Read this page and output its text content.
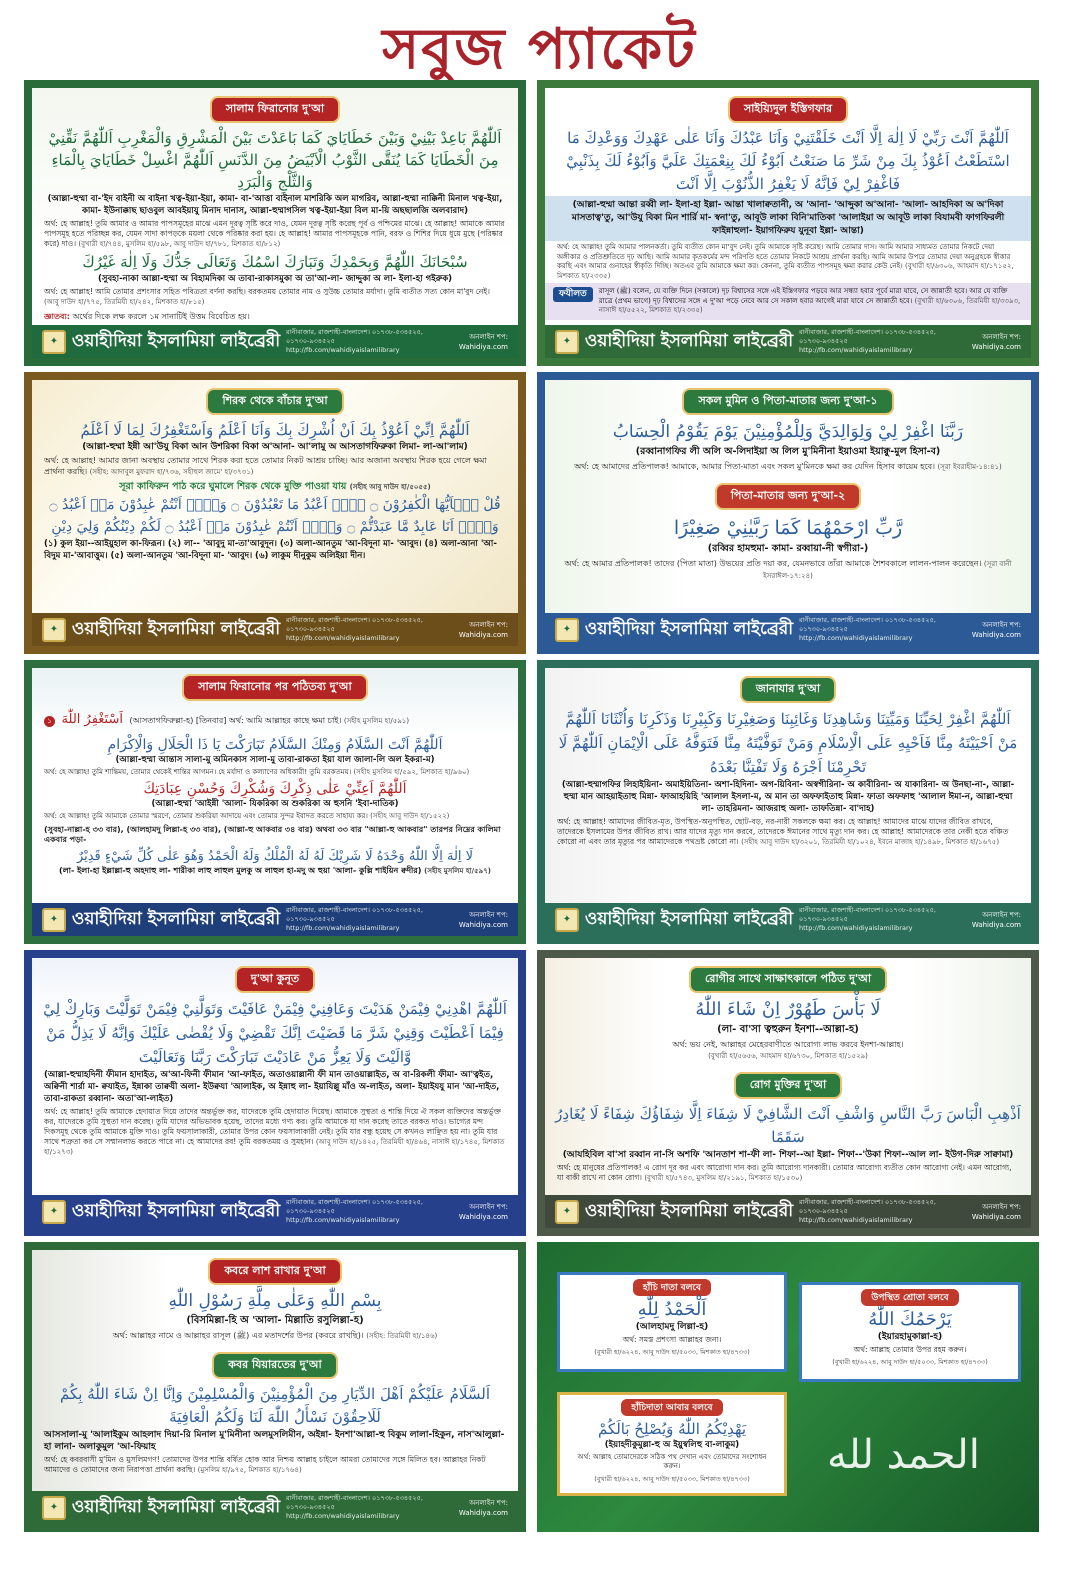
সবুজ প্যাকেট
সালাম ফিরানোর দু'আ
اَللّٰهُمَّ بَاعِدْ بَيْنِيْ وَبَيْنَ خَطَايَايَ كَمَا بَاعَدْتَ بَيْنَ الْمَشْرِقِ وَالْمَغْرِبِ اَللّٰهُمَّ نَقِّنِيْ مِنَ الْخَطَايَا كَمَا يُنَقَّى الثَّوْبُ الْاَبْيَضُ مِنَ الدَّنَسِ اَللّٰهُمَّ اغْسِلْ خَطَايَايَ بِالْمَاءِ وَالثَّلْجِ وَالْبَرَدِ
(আল্লা-হুম্মা বা-'ইদ বাইনী অ বাইনা খত্ব-ইয়া-ইয়া, কামা- বা-'আত্তা বাইনাল মাশরিকি অল মাগরিব, আল্লা-হুম্মা নাক্কিনী মিনাল খত্ব-ইয়া, কামা- ইউনাক্কাছ ছাওবুল আবইয়াযু মিনাদ দানাস, আল্লা-হুম্মাগসিল খত্ব-ইয়া-ইয়া বিল মা-য়ি অছছালজি অলবারাদ)
অর্থ: হে আল্লাহ! তুমি আমার ও আমার পাপসমূহের মাঝে এমন দূরত্ব সৃষ্টি করে দাও, যেমন দূরত্ব সৃষ্টি করেছ পূর্ব ও পশ্চিমের মাঝে। হে আল্লাহ! আমাকে আমার পাপসমূহ হতে পরিচ্ছন্ন কর, যেমন সাদা কাপড়কে ময়লা থেকে পরিষ্কার করা হয়। হে আল্লাহ! আমার পাপসমূহকে পানি, বরফ ও শিশির দিয়ে ধুয়ে মুছে (পরিষ্কার করে) দাও। (বুখারী হা/৭৪৪, মুসলিম হা/৫৯৮, আবু দাউদ হা/৭৮১, মিশকাত হা/৮১২)
سُبْحَانَكَ اللّٰهُمَّ وَبِحَمْدِكَ وَتَبَارَكَ اسْمُكَ وَتَعَالَى جَدُّكَ وَلَا اِلٰهَ غَيْرُكَ
(সুবহা-নাকা আল্লা-হুম্মা অ বিহামদিকা অ তাবা-রাকাসমুকা অ তা'আ-লা- জাদ্দুকা অ লা- ইলা-হা গইরুক)
অর্থ: হে আল্লাহ! আমি তোমার প্রশংসার সহিত পবিত্রতা বর্ণনা করছি। বরকতময় তোমার নাম ও সুউচ্চ তোমার মর্যাদা। তুমি ব্যতীত সত্য কোন মা'বুদ নেই। (আবু দাউদ হা/৭৭৫, তিরমিযী হা/২৪২, মিশকাত হা/৮১৫)
জ্ঞাতব্য: অর্থের দিকে লক্ষ করলে ১ম সানাটিই উত্তম বিবেচিত হয়।
✦ ওয়াহীদিয়া ইসলামিয়া লাইব্রেরী রানীবাজার, রাজশাহী-বাংলাদেশ। ০১৭৩৮-৫৩৪৫২৫, ০১৭৩০-৯৩৪৫২৫
http://fb.com/wahidiyaislamilibrary
অনলাইন শপ:
Wahidiya.com
সাইয়্যিদুল ইস্তিগফার
اَللّٰهُمَّ اَنْتَ رَبِّيْ لَا اِلٰهَ اِلَّا اَنْتَ خَلَقْتَنِيْ وَاَنَا عَبْدُكَ وَاَنَا عَلٰى عَهْدِكَ وَوَعْدِكَ مَا اسْتَطَعْتُ اَعُوْذُ بِكَ مِنْ شَرِّ مَا صَنَعْتُ اَبُوْءُ لَكَ بِنِعْمَتِكَ عَلَيَّ وَاَبُوْءُ لَكَ بِذَنْبِيْ فَاغْفِرْ لِيْ فَاِنَّهُ لَا يَغْفِرُ الذُّنُوْبَ اِلَّا اَنْتَ
(আল্লা-হুম্মা আন্তা রব্বী লা- ইলা-হা ইল্লা- আন্তা খালাক্বতানী, অ 'আনা- 'আব্দুকা অ'আনা- 'আলা- আহদিকা অ অ'দিকা মাসতাত্ব'তু, আ'উযু বিকা মিন শার্রি মা- স্বনা'তু, আবূউ লাকা বিনি'মাতিকা 'আলাইয়া অ আবূউ লাকা বিযামবী ফাগফিরলী ফাইন্নাহুলা- ইয়াগফিরুয যুনূবা ইল্লা- আন্তা)
অর্থ: হে আল্লাহ! তুমি আমার পালনকর্তা। তুমি ব্যতীত কোন মা'বুদ নেই। তুমি আমাকে সৃষ্টি করেছ। আমি তোমার দাস। আমি আমার সাধ্যমত তোমার নিকটে দেয়া অঙ্গীকার ও প্রতিশ্রুতিতে দৃঢ় আছি। আমি আমার কৃতকর্মের মন্দ পরিণতি হতে তোমার নিকটে আশ্রয় প্রার্থনা করছি। আমি আমার উপরে তোমার দেয়া অনুগ্রহকে স্বীকার করছি এবং আমার গুনাহের স্বীকৃতি দিচ্ছি। অতএব তুমি আমাকে ক্ষমা কর। কেননা, তুমি ব্যতীত পাপসমূহ ক্ষমা করার কেউ নেই। (বুখারী হা/৬৩০৬, আহমাদ হা/১৭১৫২, মিশকাত হা/২৩৩৫)
ফযীলত	রাসূল (ﷺ) বলেন, যে ব্যক্তি দিনে (সকালে) দৃঢ় বিশ্বাসের সঙ্গে এই ইস্তিগফার পড়বে আর সন্ধ্যা হবার পূর্বে মারা যাবে, সে জান্নাতী হবে। আর যে ব্যক্তি রাত্রে (প্রথম ভাগে) দৃঢ় বিশ্বাসের সঙ্গে এ দু'আ পড়ে নেবে আর সে সকাল হবার আগেই মারা যাবে সে জান্নাতী হবে। (বুখারী হা/৬৩০৬, তিরমিযী হা/৩৩৯৩, নাসাঈ হা/৫৫২২, মিশকাত হা/২৩৩৫)
✦ ওয়াহীদিয়া ইসলামিয়া লাইব্রেরী রানীবাজার, রাজশাহী-বাংলাদেশ। ০১৭৩৮-৫৩৪৫২৫, ০১৭৩০-৯৩৪৫২৫
http://fb.com/wahidiyaislamilibrary
অনলাইন শপ:
Wahidiya.com
শিরক থেকে বাঁচার দু'আ
اَللّٰهُمَّ اِنِّيْ اَعُوْذُ بِكَ اَنْ اُشْرِكَ بِكَ وَاَنَا اَعْلَمُ وَاَسْتَغْفِرُكَ لِمَا لَا اَعْلَمُ
(আল্লা-হুম্মা ইন্নী আ'উযু বিকা আন উশরিকা বিকা অ'আনা- আ'লামু অ আসতাগফিরুকা লিমা- লা-আ'লাম)
অর্থ: হে আল্লাহ! আমার জানা অবস্থায় তোমার সাথে শিরক করা হতে তোমার নিকট আশ্রয় চাচ্ছি। আর অজানা অবস্থায় শিরক হয়ে গেলে ক্ষমা প্রার্থনা করছি। (সহীহ: আদাবুল মুফরাদ হা/৭৩৬, সহীহুল জামে' হা/৩৭৩১)
সূরা কাফিরুন পাঠ করে ঘুমালে শিরক থেকে মুক্তি পাওয়া যায় (সহীহ আবু দাউদ হা/৫০৫৫)
قُلْ يٰۤاَيُّهَا الْكٰفِرُوْنَ ۝ لَاۤ اَعْبُدُ مَا تَعْبُدُوْنَ ۝ وَلَاۤ اَنْتُمْ عٰبِدُوْنَ مَاۤ اَعْبُدُ ۝ وَلَاۤ اَنَا عَابِدٌ مَّا عَبَدْتُّمْ ۝ وَلَاۤ اَنْتُمْ عٰبِدُوْنَ مَاۤ اَعْبُدُ ۝ لَكُمْ دِيْنُكُمْ وَلِيَ دِيْنِ
(১) কুল ইয়া--আইয়ুহাল কা-ফিরূন। (২) লা-- 'আবুদু মা-তা'আবুদূন। (৩) অলা-আনতুম 'আ-বিদূনা মা- 'আবুদ। (৪) অলা-আনা 'আ-বিদুম মা-'আবাত্তুম। (৫) অলা-আনতুম 'আ-বিদূনা মা- 'আবুদ। (৬) লাকুম দীনুকুম অলিইয়া দীন।
✦ ওয়াহীদিয়া ইসলামিয়া লাইব্রেরী রানীবাজার, রাজশাহী-বাংলাদেশ। ০১৭৩৮-৫৩৪৫২৫, ০১৭৩০-৯৩৪৫২৫
http://fb.com/wahidiyaislamilibrary
অনলাইন শপ:
Wahidiya.com
সকল মুমিন ও পিতা-মাতার জন্য দু'আ-১
رَبَّنَا اغْفِرْ لِيْ وَلِوَالِدَيَّ وَلِلْمُؤْمِنِيْنَ يَوْمَ يَقُوْمُ الْحِسَابُ
(রব্বানাগফির লী অলি অ-লিদাইয়া অ লিল মু'মিনীনা ইয়াওমা ইয়াক্বু-মুল হিসা-ব)
অর্থ: হে আমাদের প্রতিপালক! আমাকে, আমার পিতা-মাতা এবং সকল মু'মিনকে ক্ষমা কর যেদিন হিসাব কায়েম হবে। (সূরা ইবরাহীম-১৪:৪১)
পিতা-মাতার জন্য দু'আ-২
رَّبِّ ارْحَمْهُمَا كَمَا رَبَّيٰنِيْ صَغِيْرًا
(রব্বির হামহুমা- কামা- রব্বায়া-নী স্বগীরা-)
অর্থ: হে আমার প্রতিপালক! তাদের (পিতা মাতা) উভয়ের প্রতি দয়া কর, যেমনভাবে তাঁরা আমাকে শৈশবকালে লালন-পালন করেছেন। (সূরা বানী ইসরাঈল-১৭:২৪)
✦ ওয়াহীদিয়া ইসলামিয়া লাইব্রেরী রানীবাজার, রাজশাহী-বাংলাদেশ। ০১৭৩৮-৫৩৪৫২৫, ০১৭৩০-৯৩৪৫২৫
http://fb.com/wahidiyaislamilibrary
অনলাইন শপ:
Wahidiya.com
সালাম ফিরানোর পর পঠিতব্য দু'আ
১ اَسْتَغْفِرُ اللّٰهَ (আসতাগফিরুল্লা-হ) [তিনবার] অর্থ: আমি আল্লাহর কাছে ক্ষমা চাই। (সহীহ মুসলিম হা/৫৯১)
اَللّٰهُمَّ اَنْتَ السَّلَامُ وَمِنْكَ السَّلَامُ تَبَارَكْتَ يَا ذَا الْجَلَالِ وَالْاِكْرَامِ
(আল্লা-হুম্মা আন্তাস সালা-মু অমিনকাস সালা-মু তাবা-রাকতা ইয়া যাল জালা-লি অল ইকরা-ম)
অর্থ: হে আল্লাহ! তুমি শান্তিময়, তোমার থেকেই শান্তির আগমন। হে মর্যাদা ও কল্যাণের অধিকারী! তুমি বরকতময়। (সহীহ মুসলিম হা/৫৯২, মিশকাত হা/৯৬০)
اَللّٰهُمَّ اَعِنِّيْ عَلٰى ذِكْرِكَ وَشُكْرِكَ وَحُسْنِ عِبَادَتِكَ
(আল্লা-হুম্মা 'আইন্নী 'আলা- যিকরিকা অ শুকরিকা অ হুসনি 'ইবা-দাতিক)
অর্থ: হে আল্লাহ! তুমি আমাকে তোমার স্মরণে, তোমার শুকরিয়া আদায়ে এবং তোমার সুন্দর ইবাদত করতে সাহায্য কর। (সহীহ আবু দাউদ হা/১৫২২)
(সুবহা-নাল্লা-হ ৩৩ বার), (আলহামদু লিল্লা-হ ৩৩ বার), (আল্লা-হু আকবার ৩৪ বার) অথবা ৩৩ বার "আল্লা-হু আকবার" তারপর নিম্নের কালিমা একবার পড়া-
لَا اِلٰهَ اِلَّا اللّٰهُ وَحْدَهُ لَا شَرِيْكَ لَهُ لَهُ الْمُلْكُ وَلَهُ الْحَمْدُ وَهُوَ عَلٰى كُلِّ شَيْءٍ قَدِيْرٌ
(লা- ইলা-হা ইল্লাল্লা-হু অহদাহু লা- শারীকা লাহু লাহুল মুলকু অ লাহুল হা-মদু অ হুয়া 'আলা- কুল্লি শাইয়িন ক্বদীর) (সহীহ মুসলিম হা/৫৯৭)
✦ ওয়াহীদিয়া ইসলামিয়া লাইব্রেরী রানীবাজার, রাজশাহী-বাংলাদেশ। ০১৭৩৮-৫৩৪৫২৫, ০১৭৩০-৯৩৪৫২৫
http://fb.com/wahidiyaislamilibrary
অনলাইন শপ:
Wahidiya.com
জানাযার দু'আ
اَللّٰهُمَّ اغْفِرْ لِحَيِّنَا وَمَيِّتِنَا وَشَاهِدِنَا وَغَائِبِنَا وَصَغِيْرِنَا وَكَبِيْرِنَا وَذَكَرِنَا وَاُنْثَانَا اَللّٰهُمَّ مَنْ اَحْيَيْتَهُ مِنَّا فَاَحْيِهِ عَلَى الْاِسْلَامِ وَمَنْ تَوَفَّيْتَهُ مِنَّا فَتَوَفَّهُ عَلَى الْاِيْمَانِ اَللّٰهُمَّ لَا تَحْرِمْنَا اَجْرَهُ وَلَا تَفْتِنَّا بَعْدَهُ
(আল্লা-হুম্মাগফির লিহাইয়িনা- অমাইয়িতিনা- অশা-হিদিনা- অগ-য়িবিনা- অস্বগীরিনা- অ কাবীরিনা- অ যাকারিনা- অ উনছা-না-, আল্লা-হুম্মা মান আহয়াইতাহু মিন্না- ফাআহয়িহি 'আলাল ইসলা-ম, অ মান তা অফফাইতাহু মিন্না- ফাতা অফফাহু 'আলাল ঈমা-ন, আল্লা-হুম্মা লা- তাহরিমনা- আজরাহু অলা- তাফতিন্না- বা'দাহ)
অর্থ: হে আল্লাহ! আমাদের জীবিত-মৃত, উপস্থিত-অনুপস্থিত, ছোট-বড়, নর-নারী সকলকে ক্ষমা কর। হে আল্লাহ! আমাদের মাঝে যাদের জীবিত রাখবে, তাদেরকে ইসলামের উপর জীবিত রাখ। আর যাদের মৃত্যু দান করবে, তাদেরকে ঈমানের সাথে মৃত্যু দান কর। হে আল্লাহ! আমাদেরকে তার নেকী হতে বঞ্চিত কোরো না এবং তার মৃত্যুর পর আমাদেরকে পথভ্রষ্ট কোরো না। (সহীহ আবু দাউদ হা/৩২০১, তিরমিযী হা/১০২৪, ইবনে মাজাহ হা/১৪৯৮, মিশকাত হা/১৬৭৫)
✦ ওয়াহীদিয়া ইসলামিয়া লাইব্রেরী রানীবাজার, রাজশাহী-বাংলাদেশ। ০১৭৩৮-৫৩৪৫২৫, ০১৭৩০-৯৩৪৫২৫
http://fb.com/wahidiyaislamilibrary
অনলাইন শপ:
Wahidiya.com
দু'আ কুনূত
اَللّٰهُمَّ اهْدِنِيْ فِيْمَنْ هَدَيْتَ وَعَافِنِيْ فِيْمَنْ عَافَيْتَ وَتَوَلَّنِيْ فِيْمَنْ تَوَلَّيْتَ وَبَارِكْ لِيْ فِيْمَا اَعْطَيْتَ وَقِنِيْ شَرَّ مَا قَضَيْتَ اِنَّكَ تَقْضِيْ وَلَا يُقْضٰى عَلَيْكَ وَاِنَّهُ لَا يَذِلُّ مَنْ وَّالَيْتَ وَلَا يَعِزُّ مَنْ عَادَيْتَ تَبَارَكْتَ رَبَّنَا وَتَعَالَيْتَ
(আল্লা-হুম্মাহদিনী ফীমান হাদাইত, অ'আ-ফিনী ফীমান 'আ-ফাইত, অতাওয়াল্লানী ফী মান তাওয়াল্লাইত, অ বা-রিকলী ফীমা- আ'ত্বইত, অক্বিনী শার্রা মা- ক্বযাইত, ইন্নাকা তাক্বযী অলা- ইউক্বযা 'আলাইক, অ ইন্নাহু লা- ইয়াযিল্লু মাঁও অ-লাইত, অলা- ইয়াইযযু মান 'আ-দাইত, তাবা-রাকতা রব্বানা- অতা'আ-লাইত)
অর্থ: হে আল্লাহ! তুমি আমাকে হেদায়াত দিয়ে তাদের অন্তর্ভুক্ত কর, যাদেরকে তুমি হেদায়াত দিয়েছ। আমাকে সুস্থতা ও শান্তি দিয়ে ঐ সকল ব্যক্তিদের অন্তর্ভুক্ত কর, যাদেরকে তুমি সুস্থতা দান করেছ। তুমি যাদের অভিভাবক হয়েছ, তাদের মধ্যে গণ্য কর। তুমি আমাকে যা দান করেছ তাতে বরকত দাও। ভাগ্যের মন্দ দিকসমূহ থেকে তুমি আমাকে মুক্তি দাও। তুমি ফয়সালাকারী, তোমার উপর কোন ফয়সালাকারী নেই। তুমি যার বন্ধু হয়েছ সে কখনও লাঞ্ছিত হয় না। তুমি যার সাথে শত্রুতা কর সে সম্মানলাভ করতে পারে না। হে আমাদের রব! তুমি বরকতময় ও সুমহান। (আবু দাউদ হা/১৪২৫, তিরমিযী হা/৪৬৪, নাসাঈ হা/১৭৪৫, মিশকাত হা/১২৭৩)
✦ ওয়াহীদিয়া ইসলামিয়া লাইব্রেরী রানীবাজার, রাজশাহী-বাংলাদেশ। ০১৭৩৮-৫৩৪৫২৫, ০১৭৩০-৯৩৪৫২৫
http://fb.com/wahidiyaislamilibrary
অনলাইন শপ:
Wahidiya.com
রোগীর সাথে সাক্ষাৎকালে পঠিত দু'আ
لَا بَأْسَ طَهُوْرٌ اِنْ شَاءَ اللّٰهُ
(লা- বা'সা ত্বহুরুন ইনশা--আল্লা-হ)
অর্থ: ভয় নেই, আল্লাহর মেহেরবাণীতে আরোগ্য লাভ করবে ইনশা-আল্লাহ।
(বুখারী হা/৫৬৫৬, আহমাদ হা/৬৭৩০, মিশকাত হা/১৫২৯)
রোগ মুক্তির দু'আ
اَذْهِبِ الْبَاسَ رَبَّ النَّاسِ وَاشْفِ اَنْتَ الشَّافِيْ لَا شِفَاءَ اِلَّا شِفَاؤُكَ شِفَاءً لَا يُغَادِرُ سَقَمًا
(আযহিবিল বা'সা রব্বান না-সি অশফি 'আনতাশ শা-ফী লা- শিফা--আ ইল্লা- শিফা--'উকা শিফা--আল লা- ইউগ-দিরু সাক্বামা)
অর্থ: হে মানুষের প্রতিপালক! এ রোগ দূর কর এবং আরোগ্য দান কর। তুমি আরোগ্য দানকারী। তোমার আরোগ্য ব্যতীত কোন আরোগ্য নেই। এমন আরোগ্য, যা বাকী রাখে না কোন রোগ। (বুখারী হা/৫৭৪৩, মুসলিম হা/২১৯১, মিশকাত হা/১৫৩০)
✦ ওয়াহীদিয়া ইসলামিয়া লাইব্রেরী রানীবাজার, রাজশাহী-বাংলাদেশ। ০১৭৩৮-৫৩৪৫২৫, ০১৭৩০-৯৩৪৫২৫
http://fb.com/wahidiyaislamilibrary
অনলাইন শপ:
Wahidiya.com
কবরে লাশ রাখার দু'আ
بِسْمِ اللّٰهِ وَعَلٰى مِلَّةِ رَسُوْلِ اللّٰهِ
(বিসমিল্লা-হি অ 'আলা- মিল্লাতি রসুলিল্লা-হ)
অর্থ: আল্লাহর নামে ও আল্লাহর রাসূল (ﷺ) এর মতাদর্শের উপর (কবরে রাখছি)। (সহীহ: তিরমিযী হা/১৪৬)
কবর যিয়ারতের দু'আ
اَلسَّلَامُ عَلَيْكُمْ اَهْلَ الدِّيَارِ مِنَ الْمُؤْمِنِيْنَ وَالْمُسْلِمِيْنَ وَاِنَّا اِنْ شَاءَ اللّٰهُ بِكُمْ لَلَاحِقُوْنَ نَسْأَلُ اللّٰهَ لَنَا وَلَكُمُ الْعَافِيَةَ
আসসালা-মু 'আলাইকুম আহলাদ দিয়া-রি মিনাল মু'মিনীনা অলমুসলিমীন, অইন্না- ইনশা'আল্লা-হু বিকুম লালা-হিকুন, নাস'আলুল্লা-হা লানা- অলাকুমুল 'আ-ফিয়াহ
অর্থ: হে কবরবাসী মু'মিন ও মুসলিমগণ! তোমাদের উপর শান্তি বর্ষিত হোক আর নিশ্চয় আল্লাহ চাইলে আমরা তোমাদের সঙ্গে মিলিত হব। আল্লাহর নিকট আমাদের ও তোমাদের জন্য নিরাপত্তা প্রার্থনা করছি। (মুসলিম হা/৯৭৫, মিশকাত হা/১৭৬৪)
✦ ওয়াহীদিয়া ইসলামিয়া লাইব্রেরী রানীবাজার, রাজশাহী-বাংলাদেশ। ০১৭৩৮-৫৩৪৫২৫, ০১৭৩০-৯৩৪৫২৫
http://fb.com/wahidiyaislamilibrary
অনলাইন শপ:
Wahidiya.com
হাঁচি দাতা বলবে
اَلْحَمْدُ لِلّٰهِ
(আলহামদু লিল্লা-হ)
অর্থ: সমস্ত প্রশংসা আল্লাহর জন্য।
(বুখারী হা/৬২২৪, আবু দাউদ হা/৫০৩৩, মিশকাত হা/৪৭৩৩)
উপস্থিত শ্রোতা বলবে
يَرْحَمُكَ اللّٰهُ
(ইয়ারহামুকাল্লা-হ)
অর্থ: আল্লাহ তোমার উপর রহম করুন।
(বুখারী হা/৬২২৪, আবু দাউদ হা/৫০৩৩, মিশকাত হা/৪৭৩৩)
হাঁচিদাতা আবার বলবে
يَهْدِيْكُمُ اللّٰهُ وَيُصْلِحُ بَالَكُمْ
(ইয়াহদীকুমুল্লা-হু অ ইয়ুস্বলিহু বা-লাকুম)
অর্থ: আল্লাহ তোমাদেরকে সঠিক পথ দেখান এবং তোমাদের সংশোধন করুন।
(বুখারী হা/৬২২৪, আবু দাউদ হা/৫০৩৩, মিশকাত হা/৪৭৩৩)
الحمد لله
